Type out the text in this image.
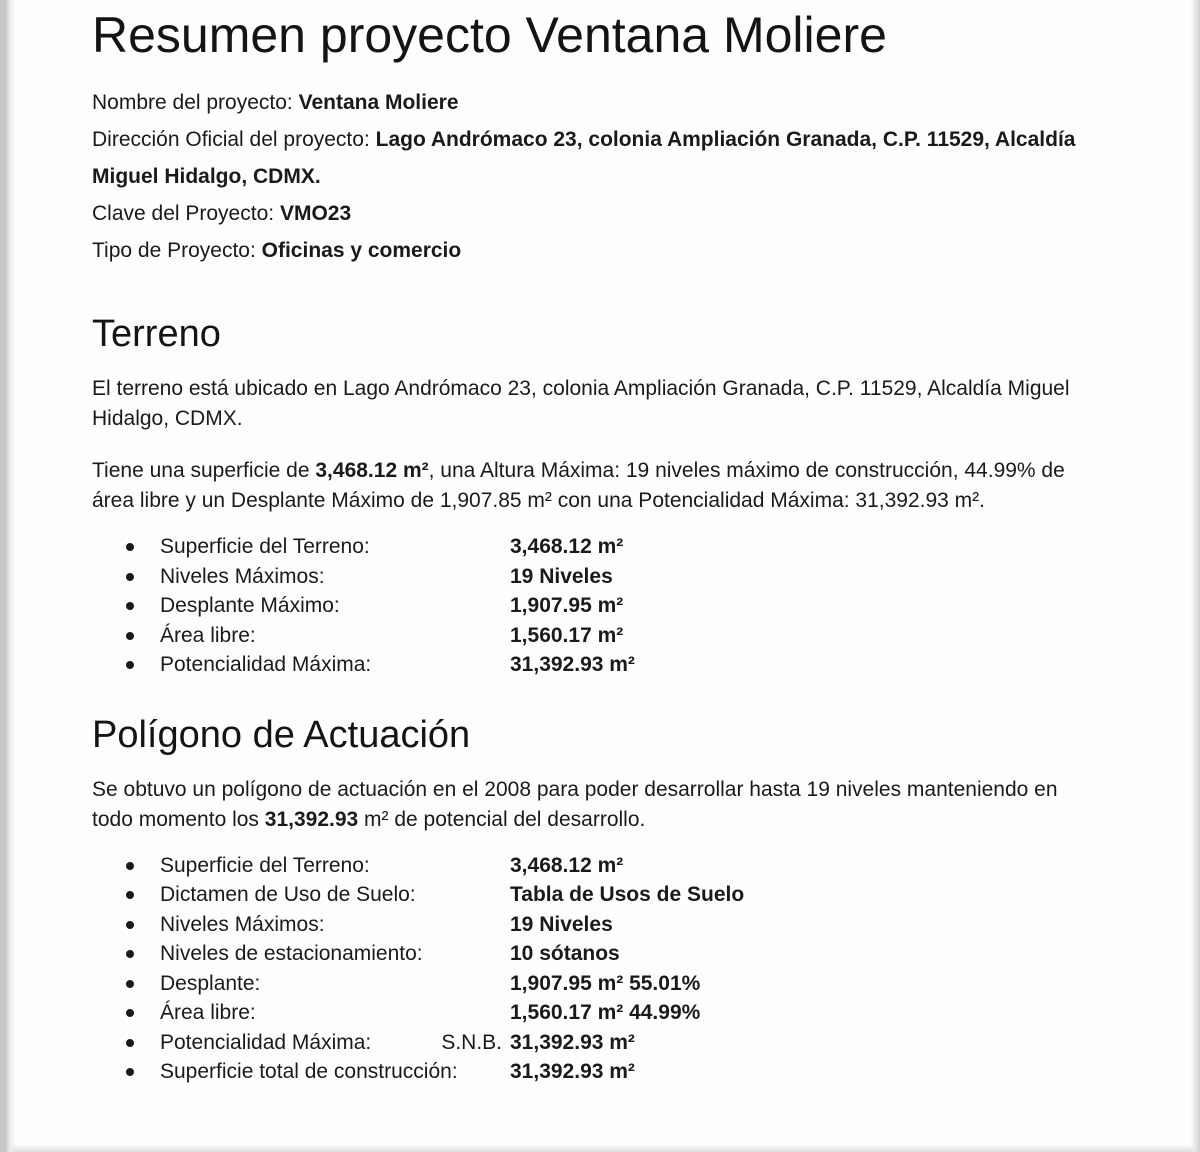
Resumen proyecto Ventana Moliere

Nombre del proyecto: Ventana Moliere

Dirección Oficial del proyecto: Lago Andrómaco 23, colonia Ampliación Granada, C.P. 11529, Alcaldía Miguel Hidalgo, CDMX.

Clave del Proyecto: VMO23

Tipo de Proyecto: Oficinas y comercio

Terreno

El terreno está ubicado en Lago Andrómaco 23, colonia Ampliación Granada, C.P. 11529, Alcaldía Miguel Hidalgo, CDMX.

Tiene una superficie de 3,468.12 m², una Altura Máxima: 19 niveles máximo de construcción, 44.99% de área libre y un Desplante Máximo de 1,907.85 m² con una Potencialidad Máxima: 31,392.93 m².

Superficie del Terreno:	3,468.12 m²
Niveles Máximos:	19 Niveles
Desplante Máximo:	1,907.95 m²
Área libre:	1,560.17 m²
Potencialidad Máxima:	31,392.93 m²
Polígono de Actuación

Se obtuvo un polígono de actuación en el 2008 para poder desarrollar hasta 19 niveles manteniendo en todo momento los 31,392.93 m² de potencial del desarrollo.

Superficie del Terreno:	3,468.12 m²
Dictamen de Uso de Suelo:	Tabla de Usos de Suelo
Niveles Máximos:	19 Niveles
Niveles de estacionamiento:	10 sótanos
Desplante:	1,907.95 m² 55.01%
Área libre:	1,560.17 m² 44.99%
Potencialidad Máxima:	S.N.B. 31,392.93 m²
Superficie total de construcción: 31,392.93 m²
